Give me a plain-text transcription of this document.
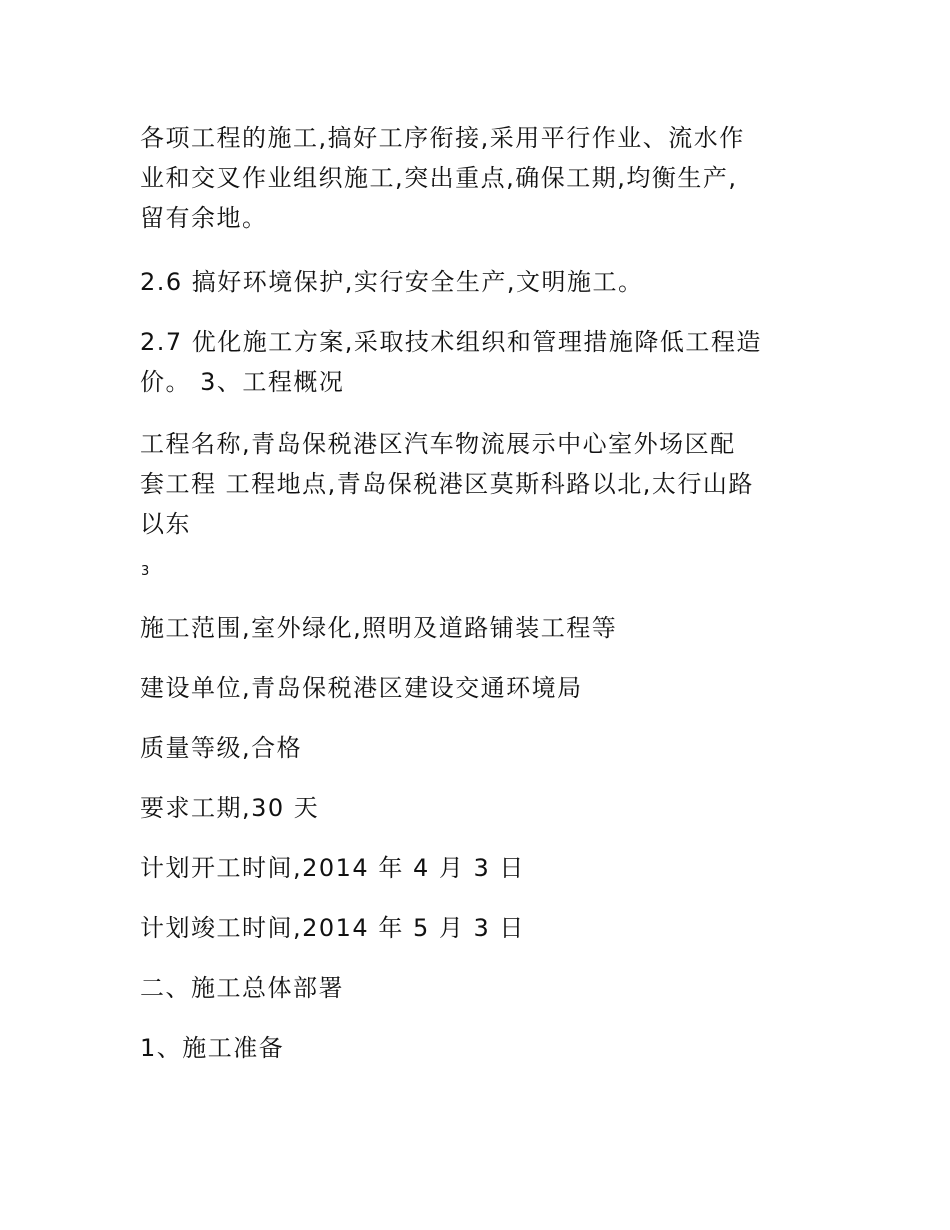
各项工程的施工,搞好工序衔接,采用平行作业、流水作
业和交叉作业组织施工,突出重点,确保工期,均衡生产,
留有余地。
2.6 搞好环境保护,实行安全生产,文明施工。
2.7 优化施工方案,采取技术组织和管理措施降低工程造
价。 3、工程概况
工程名称,青岛保税港区汽车物流展示中心室外场区配
套工程 工程地点,青岛保税港区莫斯科路以北,太行山路
以东
3
施工范围,室外绿化,照明及道路铺装工程等
建设单位,青岛保税港区建设交通环境局
质量等级,合格
要求工期,30 天
计划开工时间,2014 年 4 月 3 日
计划竣工时间,2014 年 5 月 3 日
二、施工总体部署
1、施工准备
